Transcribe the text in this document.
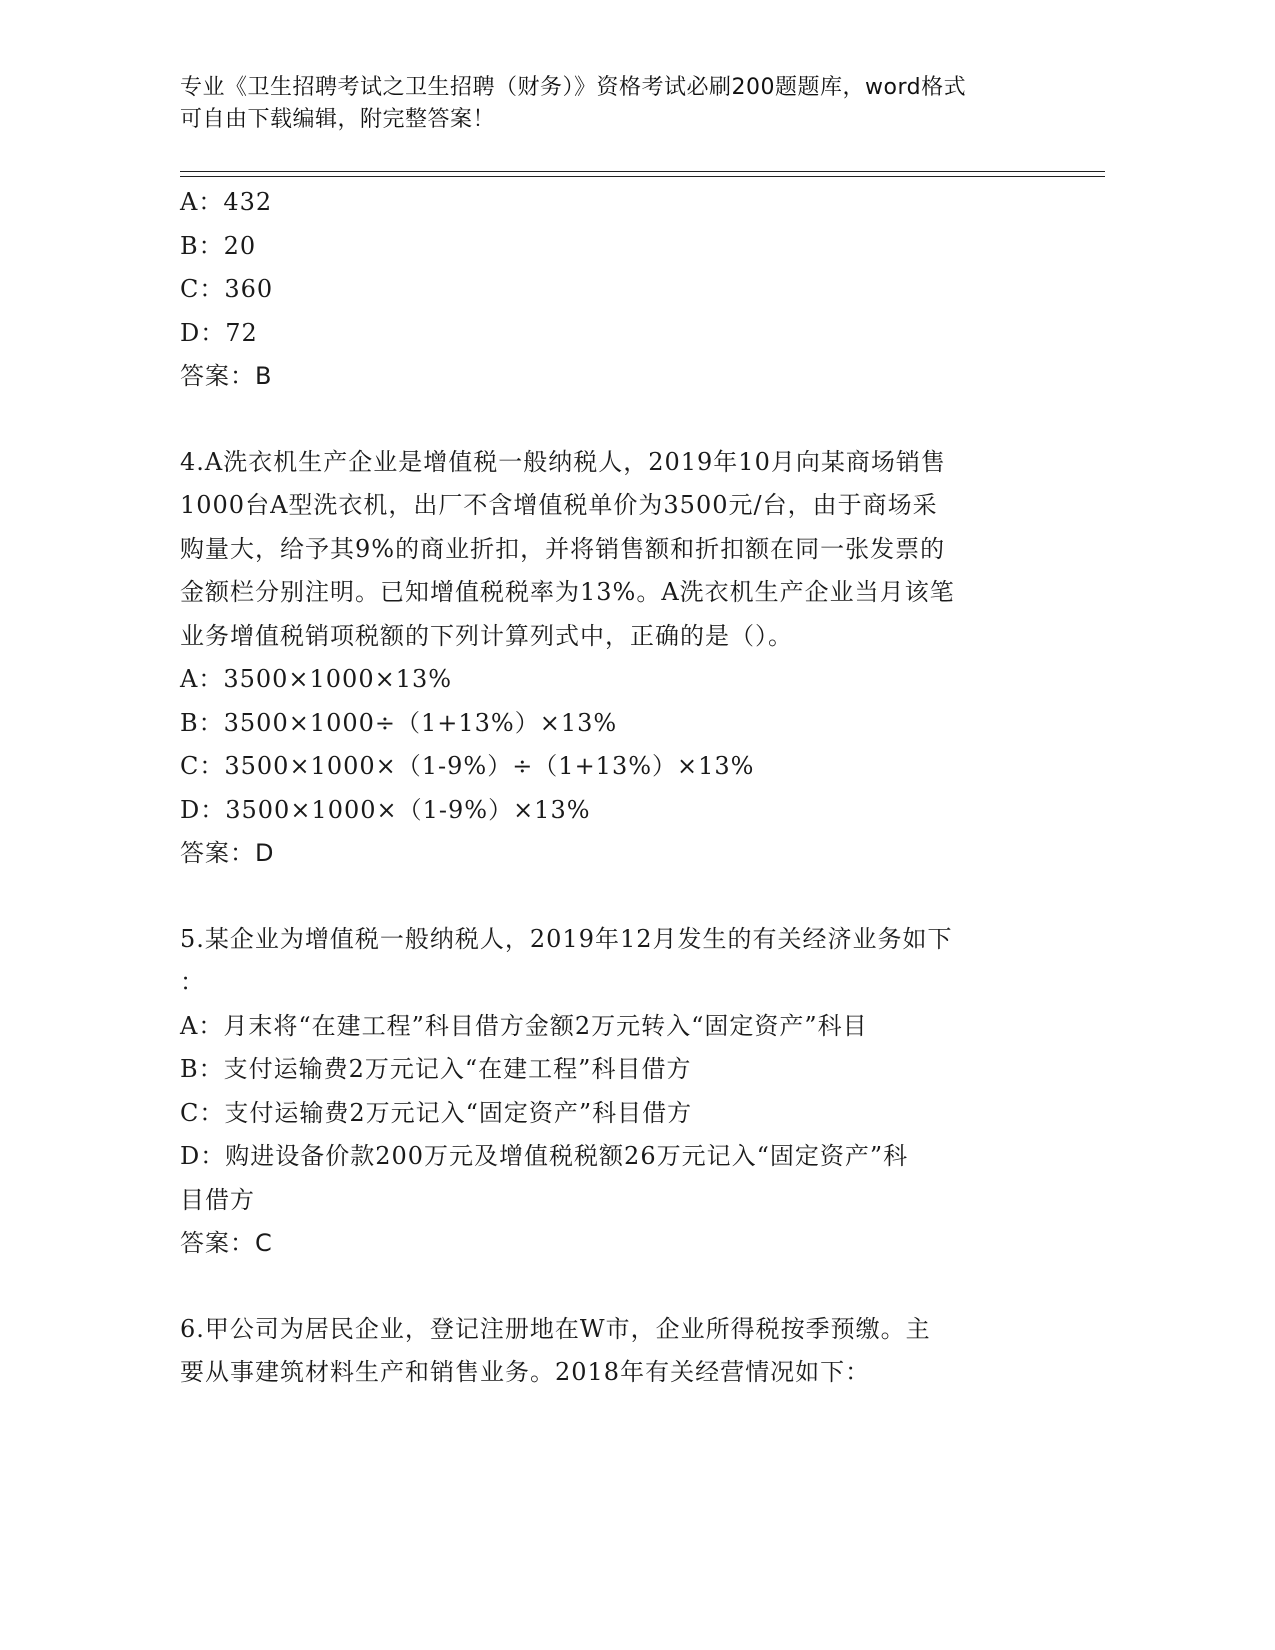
专业《卫生招聘考试之卫生招聘（财务）》资格考试必刷200题题库，word格式
可自由下载编辑，附完整答案！
A：432
B：20
C：360
D：72
答案：B
4.A洗衣机生产企业是增值税一般纳税人，2019年10月向某商场销售
1000台A型洗衣机，出厂不含增值税单价为3500元/台，由于商场采
购量大，给予其9%的商业折扣，并将销售额和折扣额在同一张发票的
金额栏分别注明。已知增值税税率为13%。A洗衣机生产企业当月该笔
业务增值税销项税额的下列计算列式中，正确的是（）。
A：3500×1000×13%
B：3500×1000÷（1+13%）×13%
C：3500×1000×（1-9%）÷（1+13%）×13%
D：3500×1000×（1-9%）×13%
答案：D
5.某企业为增值税一般纳税人，2019年12月发生的有关经济业务如下
：
A：月末将“在建工程”科目借方金额2万元转入“固定资产”科目
B：支付运输费2万元记入“在建工程”科目借方
C：支付运输费2万元记入“固定资产”科目借方
D：购进设备价款200万元及增值税税额26万元记入“固定资产”科
目借方
答案：C
6.甲公司为居民企业，登记注册地在W市，企业所得税按季预缴。主
要从事建筑材料生产和销售业务。2018年有关经营情况如下：
